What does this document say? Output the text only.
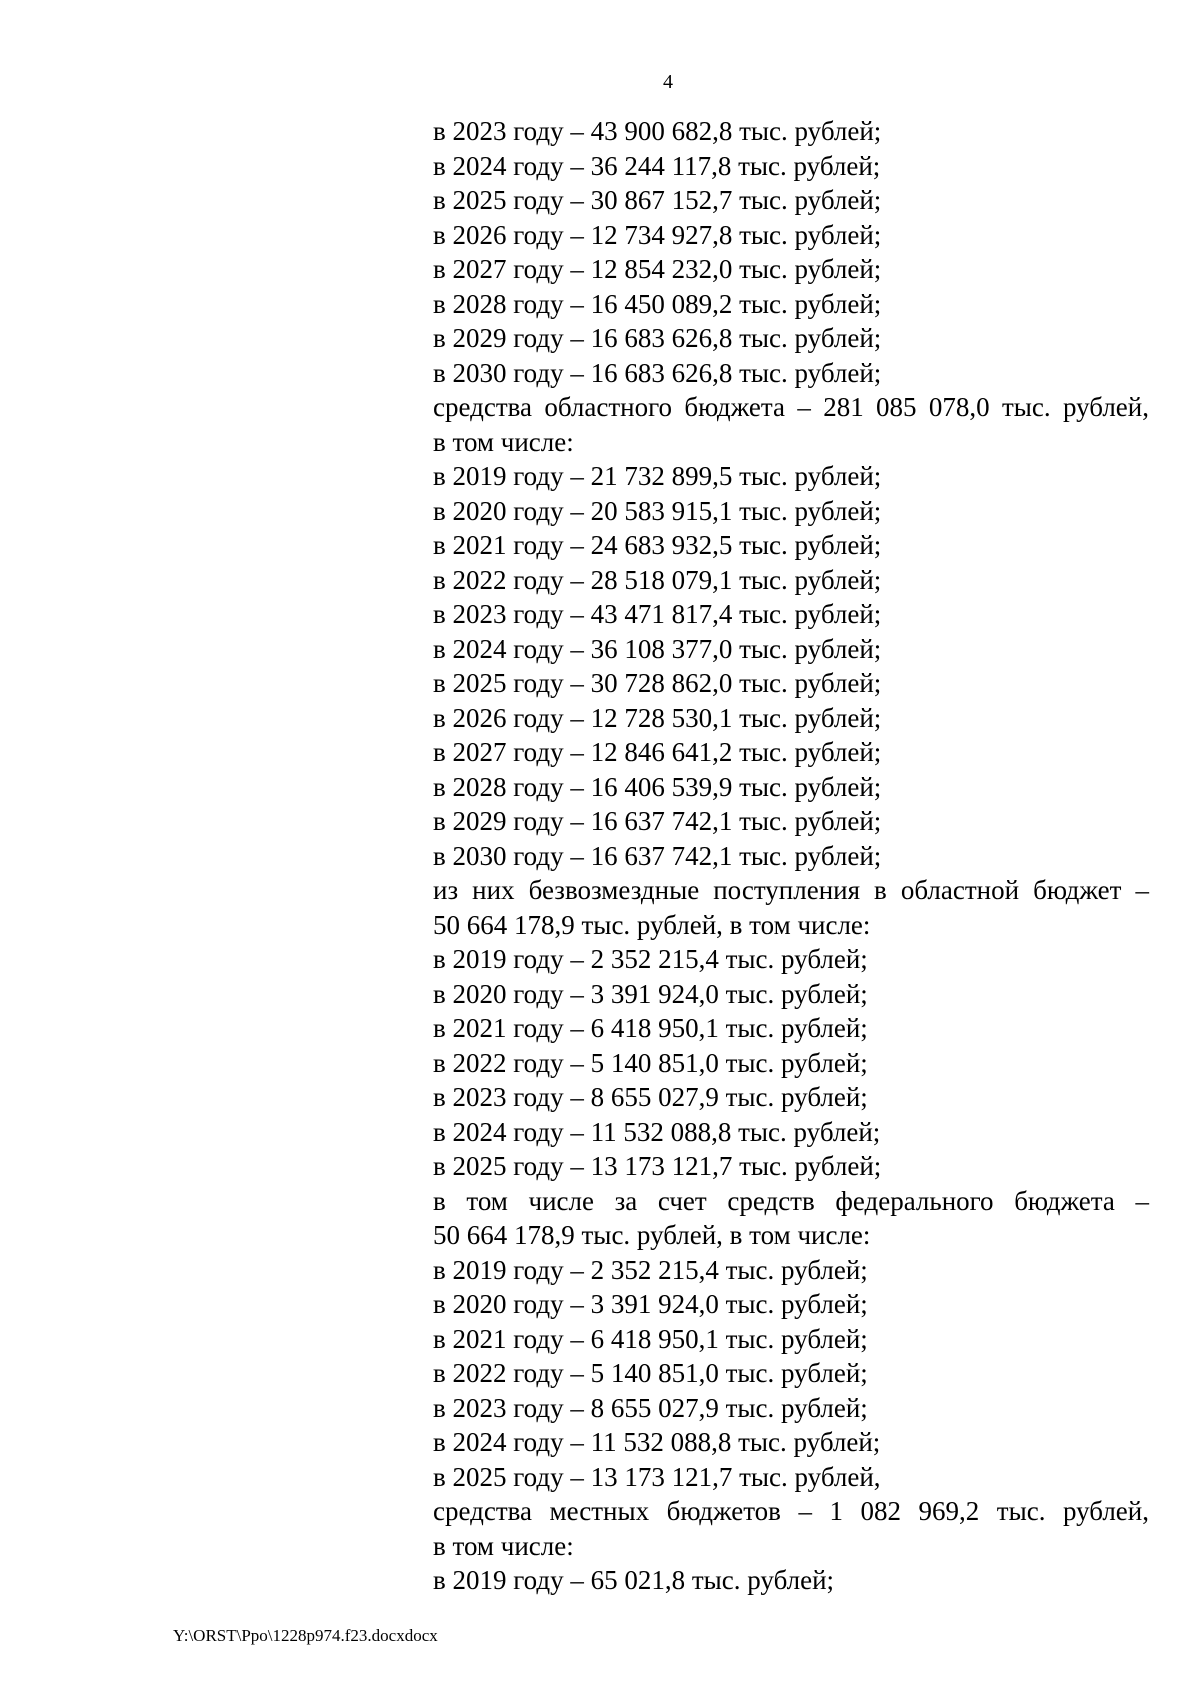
4
в 2023 году – 43 900 682,8 тыс. рублей;
в 2024 году – 36 244 117,8 тыс. рублей;
в 2025 году – 30 867 152,7 тыс. рублей;
в 2026 году – 12 734 927,8 тыс. рублей;
в 2027 году – 12 854 232,0 тыс. рублей;
в 2028 году – 16 450 089,2 тыс. рублей;
в 2029 году – 16 683 626,8 тыс. рублей;
в 2030 году – 16 683 626,8 тыс. рублей;
средства областного бюджета – 281 085 078,0 тыс. рублей,
в том числе:
в 2019 году – 21 732 899,5 тыс. рублей;
в 2020 году – 20 583 915,1 тыс. рублей;
в 2021 году – 24 683 932,5 тыс. рублей;
в 2022 году – 28 518 079,1 тыс. рублей;
в 2023 году – 43 471 817,4 тыс. рублей;
в 2024 году – 36 108 377,0 тыс. рублей;
в 2025 году – 30 728 862,0 тыс. рублей;
в 2026 году – 12 728 530,1 тыс. рублей;
в 2027 году – 12 846 641,2 тыс. рублей;
в 2028 году – 16 406 539,9 тыс. рублей;
в 2029 году – 16 637 742,1 тыс. рублей;
в 2030 году – 16 637 742,1 тыс. рублей;
из них безвозмездные поступления в областной бюджет –
50 664 178,9 тыс. рублей, в том числе:
в 2019 году – 2 352 215,4 тыс. рублей;
в 2020 году – 3 391 924,0 тыс. рублей;
в 2021 году – 6 418 950,1 тыс. рублей;
в 2022 году – 5 140 851,0 тыс. рублей;
в 2023 году – 8 655 027,9 тыс. рублей;
в 2024 году – 11 532 088,8 тыс. рублей;
в 2025 году – 13 173 121,7 тыс. рублей;
в том числе за счет средств федерального бюджета –
50 664 178,9 тыс. рублей, в том числе:
в 2019 году – 2 352 215,4 тыс. рублей;
в 2020 году – 3 391 924,0 тыс. рублей;
в 2021 году – 6 418 950,1 тыс. рублей;
в 2022 году – 5 140 851,0 тыс. рублей;
в 2023 году – 8 655 027,9 тыс. рублей;
в 2024 году – 11 532 088,8 тыс. рублей;
в 2025 году – 13 173 121,7 тыс. рублей,
средства местных бюджетов – 1 082 969,2 тыс. рублей,
в том числе:
в 2019 году – 65 021,8 тыс. рублей;
Y:\ORST\Ppo\1228p974.f23.docxdocx
